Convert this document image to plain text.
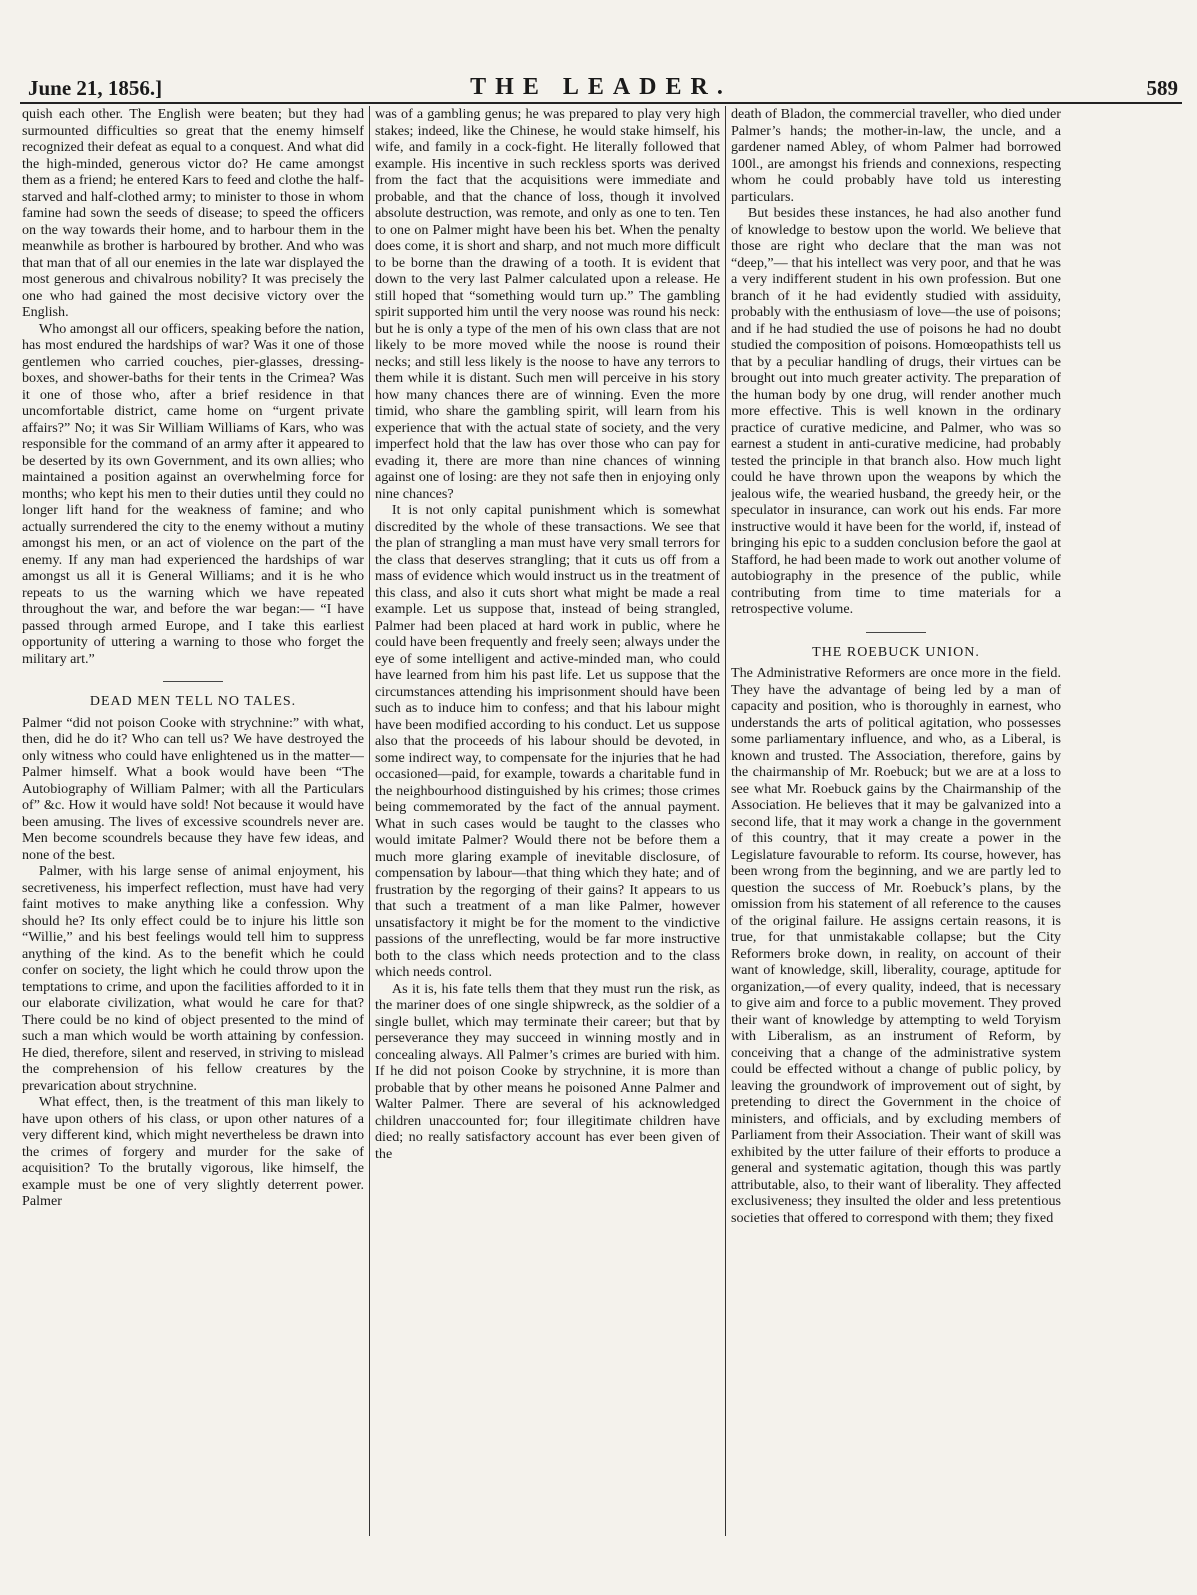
June 21, 1856.]	THE LEADER.	589

quish each other. The English were beaten; but they had surmounted difficulties so great that the enemy himself recognized their defeat as equal to a conquest. And what did the high-minded, generous victor do? He came amongst them as a friend; he entered Kars to feed and clothe the half-starved and half-clothed army; to minister to those in whom famine had sown the seeds of disease; to speed the officers on the way towards their home, and to harbour them in the meanwhile as brother is harboured by brother. And who was that man that of all our enemies in the late war displayed the most generous and chivalrous nobility? It was precisely the one who had gained the most decisive victory over the English.

Who amongst all our officers, speaking before the nation, has most endured the hardships of war? Was it one of those gentlemen who carried couches, pier-glasses, dressing-boxes, and shower-baths for their tents in the Crimea? Was it one of those who, after a brief residence in that uncomfortable district, came home on “urgent private affairs?” No; it was Sir William Williams of Kars, who was responsible for the command of an army after it appeared to be deserted by its own Government, and its own allies; who maintained a position against an overwhelming force for months; who kept his men to their duties until they could no longer lift hand for the weakness of famine; and who actually surrendered the city to the enemy without a mutiny amongst his men, or an act of violence on the part of the enemy. If any man had experienced the hardships of war amongst us all it is General Williams; and it is he who repeats to us the warning which we have repeated throughout the war, and before the war began:— “I have passed through armed Europe, and I take this earliest opportunity of uttering a warning to those who forget the military art.”

DEAD MEN TELL NO TALES.

Palmer “did not poison Cooke with strychnine:” with what, then, did he do it? Who can tell us? We have destroyed the only witness who could have enlightened us in the matter—Palmer himself. What a book would have been “The Autobiography of William Palmer; with all the Particulars of” &c. How it would have sold! Not because it would have been amusing. The lives of excessive scoundrels never are. Men become scoundrels because they have few ideas, and none of the best.

Palmer, with his large sense of animal enjoyment, his secretiveness, his imperfect reflection, must have had very faint motives to make anything like a confession. Why should he? Its only effect could be to injure his little son “Willie,” and his best feelings would tell him to suppress anything of the kind. As to the benefit which he could confer on society, the light which he could throw upon the temptations to crime, and upon the facilities afforded to it in our elaborate civilization, what would he care for that? There could be no kind of object presented to the mind of such a man which would be worth attaining by confession. He died, therefore, silent and reserved, in striving to mislead the comprehension of his fellow creatures by the prevarication about strychnine.

What effect, then, is the treatment of this man likely to have upon others of his class, or upon other natures of a very different kind, which might nevertheless be drawn into the crimes of forgery and murder for the sake of acquisition? To the brutally vigorous, like himself, the example must be one of very slightly deterrent power. Palmer

was of a gambling genus; he was prepared to play very high stakes; indeed, like the Chinese, he would stake himself, his wife, and family in a cock-fight. He literally followed that example. His incentive in such reckless sports was derived from the fact that the acquisitions were immediate and probable, and that the chance of loss, though it involved absolute destruction, was remote, and only as one to ten. Ten to one on Palmer might have been his bet. When the penalty does come, it is short and sharp, and not much more difficult to be borne than the drawing of a tooth. It is evident that down to the very last Palmer calculated upon a release. He still hoped that “something would turn up.” The gambling spirit supported him until the very noose was round his neck: but he is only a type of the men of his own class that are not likely to be more moved while the noose is round their necks; and still less likely is the noose to have any terrors to them while it is distant. Such men will perceive in his story how many chances there are of winning. Even the more timid, who share the gambling spirit, will learn from his experience that with the actual state of society, and the very imperfect hold that the law has over those who can pay for evading it, there are more than nine chances of winning against one of losing: are they not safe then in enjoying only nine chances?

It is not only capital punishment which is somewhat discredited by the whole of these transactions. We see that the plan of strangling a man must have very small terrors for the class that deserves strangling; that it cuts us off from a mass of evidence which would instruct us in the treatment of this class, and also it cuts short what might be made a real example. Let us suppose that, instead of being strangled, Palmer had been placed at hard work in public, where he could have been frequently and freely seen; always under the eye of some intelligent and active-minded man, who could have learned from him his past life. Let us suppose that the circumstances attending his imprisonment should have been such as to induce him to confess; and that his labour might have been modified according to his conduct. Let us suppose also that the proceeds of his labour should be devoted, in some indirect way, to compensate for the injuries that he had occasioned—paid, for example, towards a charitable fund in the neighbourhood distinguished by his crimes; those crimes being commemorated by the fact of the annual payment. What in such cases would be taught to the classes who would imitate Palmer? Would there not be before them a much more glaring example of inevitable disclosure, of compensation by labour—that thing which they hate; and of frustration by the regorging of their gains? It appears to us that such a treatment of a man like Palmer, however unsatisfactory it might be for the moment to the vindictive passions of the unreflecting, would be far more instructive both to the class which needs protection and to the class which needs control.

As it is, his fate tells them that they must run the risk, as the mariner does of one single shipwreck, as the soldier of a single bullet, which may terminate their career; but that by perseverance they may succeed in winning mostly and in concealing always. All Palmer’s crimes are buried with him. If he did not poison Cooke by strychnine, it is more than probable that by other means he poisoned Anne Palmer and Walter Palmer. There are several of his acknowledged children unaccounted for; four illegitimate children have died; no really satisfactory account has ever been given of the

death of Bladon, the commercial traveller, who died under Palmer’s hands; the mother-in-law, the uncle, and a gardener named Abley, of whom Palmer had borrowed 100l., are amongst his friends and connexions, respecting whom he could probably have told us interesting particulars.

But besides these instances, he had also another fund of knowledge to bestow upon the world. We believe that those are right who declare that the man was not “deep,”— that his intellect was very poor, and that he was a very indifferent student in his own profession. But one branch of it he had evidently studied with assiduity, probably with the enthusiasm of love—the use of poisons; and if he had studied the use of poisons he had no doubt studied the composition of poisons. Homœopathists tell us that by a peculiar handling of drugs, their virtues can be brought out into much greater activity. The preparation of the human body by one drug, will render another much more effective. This is well known in the ordinary practice of curative medicine, and Palmer, who was so earnest a student in anti-curative medicine, had probably tested the principle in that branch also. How much light could he have thrown upon the weapons by which the jealous wife, the wearied husband, the greedy heir, or the speculator in insurance, can work out his ends. Far more instructive would it have been for the world, if, instead of bringing his epic to a sudden conclusion before the gaol at Stafford, he had been made to work out another volume of autobiography in the presence of the public, while contributing from time to time materials for a retrospective volume.

THE ROEBUCK UNION.

The Administrative Reformers are once more in the field. They have the advantage of being led by a man of capacity and position, who is thoroughly in earnest, who understands the arts of political agitation, who possesses some parliamentary influence, and who, as a Liberal, is known and trusted. The Association, therefore, gains by the chairmanship of Mr. Roebuck; but we are at a loss to see what Mr. Roebuck gains by the Chairmanship of the Association. He believes that it may be galvanized into a second life, that it may work a change in the government of this country, that it may create a power in the Legislature favourable to reform. Its course, however, has been wrong from the beginning, and we are partly led to question the success of Mr. Roebuck’s plans, by the omission from his statement of all reference to the causes of the original failure. He assigns certain reasons, it is true, for that unmistakable collapse; but the City Reformers broke down, in reality, on account of their want of knowledge, skill, liberality, courage, aptitude for organization,—of every quality, indeed, that is necessary to give aim and force to a public movement. They proved their want of knowledge by attempting to weld Toryism with Liberalism, as an instrument of Reform, by conceiving that a change of the administrative system could be effected without a change of public policy, by leaving the groundwork of improvement out of sight, by pretending to direct the Government in the choice of ministers, and officials, and by excluding members of Parliament from their Association. Their want of skill was exhibited by the utter failure of their efforts to produce a general and systematic agitation, though this was partly attributable, also, to their want of liberality. They affected exclusiveness; they insulted the older and less pretentious societies that offered to correspond with them; they fixed
